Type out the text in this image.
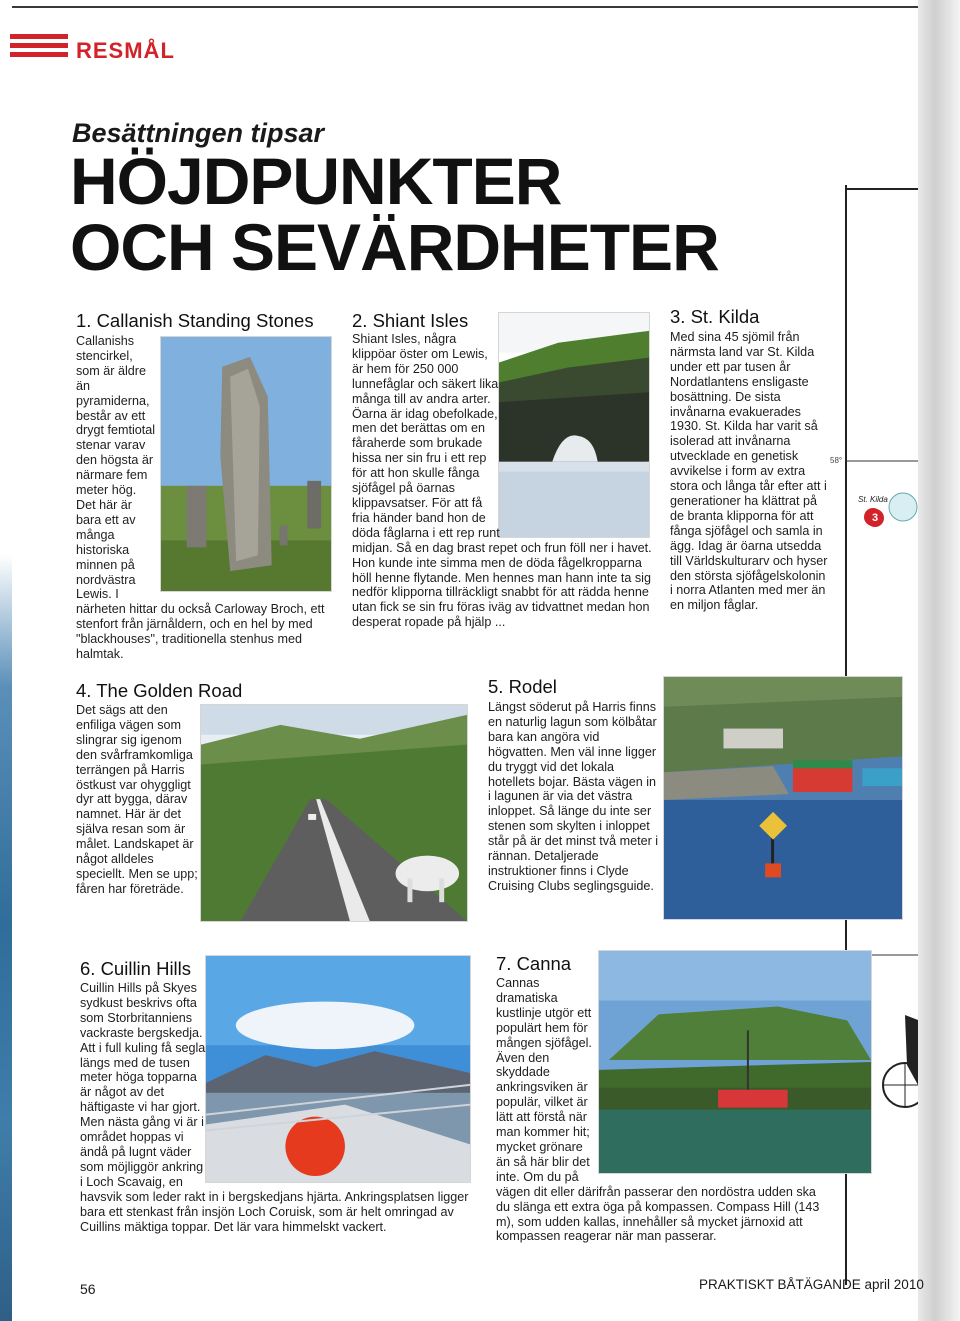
RESMÅL
Besättningen tipsar
HÖJDPUNKTER
OCH SEVÄRDHETER
1. Callanish Standing Stones	2. Shiant Isles	3. St. Kilda

Med sina 45 sjömil från närmsta land var St. Kilda under ett par tusen år Nordatlantens ensligaste bosättning. De sista invånarna evakuerades 1930. St. Kilda har varit så isolerad att invånarna utvecklade en genetisk avvikelse i form av extra stora och långa tår efter att i generationer ha klättrat på de branta klipporna för att fånga sjöfågel och samla in ägg. Idag är öarna utsedda till Världskulturarv och hyser den största sjöfågelskolonin i norra Atlanten med mer än en miljon fåglar.

58°
St. Kilda
3
4. The Golden Road	5. Rodel

Längst söderut på Harris finns en naturlig lagun som kölbåtar bara kan angöra vid högvatten. Men väl inne ligger du tryggt vid det lokala hotellets bojar. Bästa vägen in i lagunen är via det västra inloppet. Så länge du inte ser stenen som skylten i inloppet står på är det minst två meter i rännan. Detaljerade instruktioner finns i Clyde Cruising Clubs seglingsguide.

6. Cuillin Hills	7. Canna

Callanishs stencirkel, som är äldre än pyramiderna, består av ett drygt femtiotal stenar varav den högsta är närmare fem meter hög. Det här är bara ett av många historiska minnen på nordvästra Lewis. I närheten hittar du också Carloway Broch, ett stenfort från järnåldern, och en hel by med "blackhouses", traditionella stenhus med halmtak.

Shiant Isles, några klippöar öster om Lewis, är hem för 250 000 lunnefåglar och säkert lika många till av andra arter. Öarna är idag obefolkade, men det berättas om en fåraherde som brukade hissa ner sin fru i ett rep för att hon skulle fånga sjöfågel på öarnas klippavsatser. För att få fria händer band hon de döda fåglarna i ett rep runt midjan. Så en dag brast repet och frun föll ner i havet. Hon kunde inte simma men de döda fågelkropparna höll henne flytande. Men hennes man hann inte ta sig nedför klipporna tillräckligt snabbt för att rädda henne utan fick se sin fru föras iväg av tidvattnet medan hon desperat ropade på hjälp ...

Det sägs att den enfiliga vägen som slingrar sig igenom den svårframkomliga terrängen på Harris östkust var ohyggligt dyr att bygga, därav namnet. Här är det själva resan som är målet. Landskapet är något alldeles speciellt. Men se upp; fåren har företräde.

Cuillin Hills på Skyes sydkust beskrivs ofta som Storbritanniens vackraste bergskedja. Att i full kuling få segla längs med de tusen meter höga topparna är något av det häftigaste vi har gjort. Men nästa gång vi är i området hoppas vi ändå på lugnt väder som möjliggör ankring i Loch Scavaig, en havsvik som leder rakt in i bergskedjans hjärta. Ankringsplatsen ligger bara ett stenkast från insjön Loch Coruisk, som är helt omringad av Cuillins mäktiga toppar. Det lär vara himmelskt vackert.

Cannas dramatiska kustlinje utgör ett populärt hem för mången sjöfågel. Även den skyddade ankringsviken är populär, vilket är lätt att förstå när man kommer hit; mycket grönare än så här blir det inte. Om du på vägen dit eller därifrån passerar den nordöstra udden ska du slänga ett extra öga på kompassen. Compass Hill (143 m), som udden kallas, innehåller så mycket järnoxid att kompassen reagerar när man passerar.

56	PRAKTISKT BÅTÄGANDE april 2010
